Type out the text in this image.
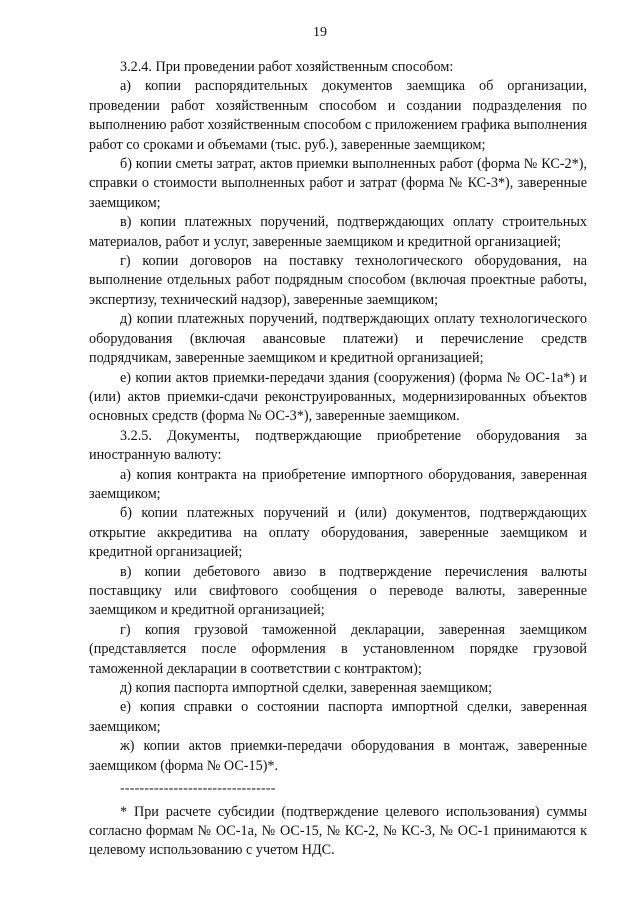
19

3.2.4. При проведении работ хозяйственным способом:

а) копии распорядительных документов заемщика об организации, проведении работ хозяйственным способом и создании подразделения по выполнению работ хозяйственным способом с приложением графика выполнения работ со сроками и объемами (тыс. руб.), заверенные заемщиком;

б) копии сметы затрат, актов приемки выполненных работ (форма № КС-2*), справки о стоимости выполненных работ и затрат (форма № КС-3*), заверенные заемщиком;

в) копии платежных поручений, подтверждающих оплату строительных материалов, работ и услуг, заверенные заемщиком и кредитной организацией;

г) копии договоров на поставку технологического оборудования, на выполнение отдельных работ подрядным способом (включая проектные работы, экспертизу, технический надзор), заверенные заемщиком;

д) копии платежных поручений, подтверждающих оплату технологического оборудования (включая авансовые платежи) и перечисление средств подрядчикам, заверенные заемщиком и кредитной организацией;

е) копии актов приемки-передачи здания (сооружения) (форма № ОС-1а*) и (или) актов приемки-сдачи реконструированных, модернизированных объектов основных средств (форма № ОС-3*), заверенные заемщиком.

3.2.5. Документы, подтверждающие приобретение оборудования за иностранную валюту:

а) копия контракта на приобретение импортного оборудования, заверенная заемщиком;

б) копии платежных поручений и (или) документов, подтверждающих открытие аккредитива на оплату оборудования, заверенные заемщиком и кредитной организацией;

в) копии дебетового авизо в подтверждение перечисления валюты поставщику или свифтового сообщения о переводе валюты, заверенные заемщиком и кредитной организацией;

г) копия грузовой таможенной декларации, заверенная заемщиком (представляется после оформления в установленном порядке грузовой таможенной декларации в соответствии с контрактом);

д) копия паспорта импортной сделки, заверенная заемщиком;

е) копия справки о состоянии паспорта импортной сделки, заверенная заемщиком;

ж) копии актов приемки-передачи оборудования в монтаж, заверенные заемщиком (форма № ОС-15)*.

--------------------------------

* При расчете субсидии (подтверждение целевого использования) суммы согласно формам № ОС-1а, № ОС-15, № КС-2, № КС-3, № ОС-1 принимаются к целевому использованию с учетом НДС.
